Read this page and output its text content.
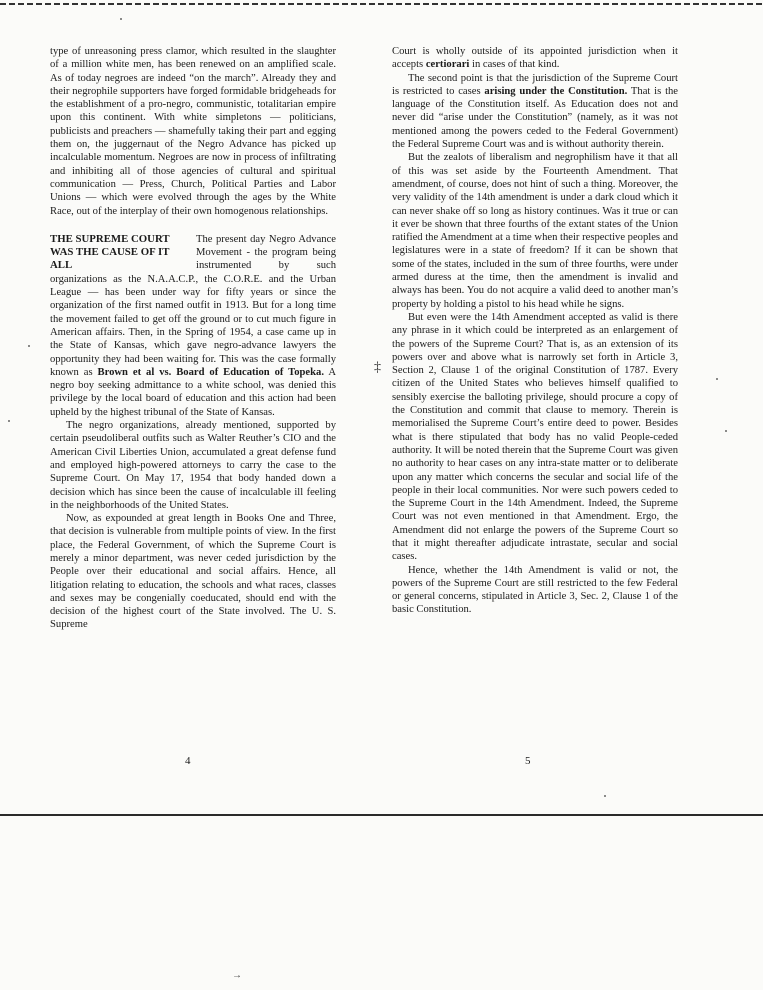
type of unreasoning press clamor, which resulted in the slaughter of a million white men, has been renewed on an amplified scale. As of today negroes are indeed “on the march”. Already they and their negrophile supporters have forged formidable bridgeheads for the establishment of a pro-negro, communistic, totalitarian empire upon this continent. With white simpletons — politicians, publicists and preachers — shamefully taking their part and egging them on, the juggernaut of the Negro Advance has picked up incalculable momentum. Negroes are now in process of infiltrating and inhibiting all of those agencies of cultural and spiritual communication — Press, Church, Political Parties and Labor Unions — which were evolved through the ages by the White Race, out of the interplay of their own homogenous relationships.

THE SUPREME COURT WAS THE CAUSE OF IT ALL

The present day Negro Advance Movement - the program being instrumented by such organizations as the N.A.A.C.P., the C.O.R.E. and the Urban League — has been under way for fifty years or since the organization of the first named outfit in 1913. But for a long time the movement failed to get off the ground or to cut much figure in American affairs. Then, in the Spring of 1954, a case came up in the State of Kansas, which gave negro-advance lawyers the opportunity they had been waiting for. This was the case formally known as Brown et al vs. Board of Education of Topeka. A negro boy seeking admittance to a white school, was denied this privilege by the local board of education and this action had been upheld by the highest tribunal of the State of Kansas.

The negro organizations, already mentioned, supported by certain pseudoliberal outfits such as Walter Reuther’s CIO and the American Civil Liberties Union, accumulated a great defense fund and employed high-powered attorneys to carry the case to the Supreme Court. On May 17, 1954 that body handed down a decision which has since been the cause of incalculable ill feeling in the neighborhoods of the United States.

Now, as expounded at great length in Books One and Three, that decision is vulnerable from multiple points of view. In the first place, the Federal Government, of which the Supreme Court is merely a minor department, was never ceded jurisdiction by the People over their educational and social affairs. Hence, all litigation relating to education, the schools and what races, classes and sexes may be congenially coeducated, should end with the decision of the highest court of the State involved. The U. S. Supreme

Court is wholly outside of its appointed jurisdiction when it accepts certiorari in cases of that kind.

The second point is that the jurisdiction of the Supreme Court is restricted to cases arising under the Constitution. That is the language of the Constitution itself. As Education does not and never did “arise under the Constitution” (namely, as it was not mentioned among the powers ceded to the Federal Government) the Federal Supreme Court was and is without authority therein.

But the zealots of liberalism and negrophilism have it that all of this was set aside by the Fourteenth Amendment. That amendment, of course, does not hint of such a thing. Moreover, the very validity of the 14th amendment is under a dark cloud which it can never shake off so long as history continues. Was it true or can it ever be shown that three fourths of the extant states of the Union ratified the Amendment at a time when their respective peoples and legislatures were in a state of freedom? If it can be shown that some of the states, included in the sum of three fourths, were under armed duress at the time, then the amendment is invalid and always has been. You do not acquire a valid deed to another man’s property by holding a pistol to his head while he signs.

But even were the 14th Amendment accepted as valid is there any phrase in it which could be interpreted as an enlargement of the powers of the Supreme Court? That is, as an extension of its powers over and above what is narrowly set forth in Article 3, Section 2, Clause 1 of the original Constitution of 1787. Every citizen of the United States who believes himself qualified to sensibly exercise the balloting privilege, should procure a copy of the Constitution and commit that clause to memory. Therein is memorialised the Supreme Court’s entire deed to power. Besides what is there stipulated that body has no valid People-ceded authority. It will be noted therein that the Supreme Court was given no authority to hear cases on any intra-state matter or to deliberate upon any matter which concerns the secular and social life of the people in their local communities. Nor were such powers ceded to the Supreme Court in the 14th Amendment. Indeed, the Supreme Court was not even mentioned in that Amendment. Ergo, the Amendment did not enlarge the powers of the Supreme Court so that it might thereafter adjudicate intrastate, secular and social cases.

Hence, whether the 14th Amendment is valid or not, the powers of the Supreme Court are still restricted to the few Federal or general concerns, stipulated in Article 3, Sec. 2, Clause 1 of the basic Constitution.

4	5
‡
→
